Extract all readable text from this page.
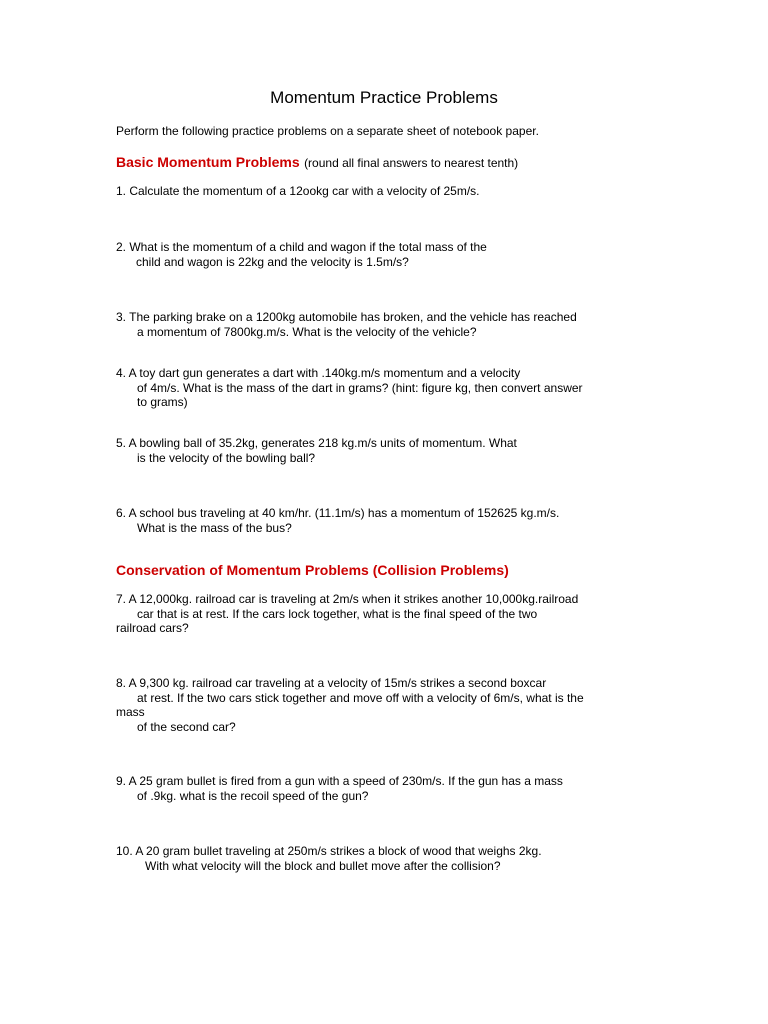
Momentum Practice Problems
Perform the following practice problems on a separate sheet of notebook paper.
Basic Momentum Problems (round all final answers to nearest tenth)
1. Calculate the momentum of a 12ookg car with a velocity of 25m/s.
2. What is the momentum of a child and wagon if the total mass of the
child and wagon is 22kg and the velocity is 1.5m/s?
3. The parking brake on a 1200kg automobile has broken, and the vehicle has reached
a momentum of 7800kg.m/s. What is the velocity of the vehicle?
4. A toy dart gun generates a dart with .140kg.m/s momentum and a velocity
of 4m/s. What is the mass of the dart in grams? (hint: figure kg, then convert answer
to grams)
5. A bowling ball of 35.2kg, generates 218 kg.m/s units of momentum. What
is the velocity of the bowling ball?
6. A school bus traveling at 40 km/hr. (11.1m/s) has a momentum of 152625 kg.m/s.
What is the mass of the bus?
Conservation of Momentum Problems (Collision Problems)
7. A 12,000kg. railroad car is traveling at 2m/s when it strikes another 10,000kg.railroad
car that is at rest. If the cars lock together, what is the final speed of the two
railroad cars?
8. A 9,300 kg. railroad car traveling at a velocity of 15m/s strikes a second boxcar
at rest. If the two cars stick together and move off with a velocity of 6m/s, what is the
mass
of the second car?
9. A 25 gram bullet is fired from a gun with a speed of 230m/s. If the gun has a mass
of .9kg. what is the recoil speed of the gun?
10. A 20 gram bullet traveling at 250m/s strikes a block of wood that weighs 2kg.
With what velocity will the block and bullet move after the collision?
